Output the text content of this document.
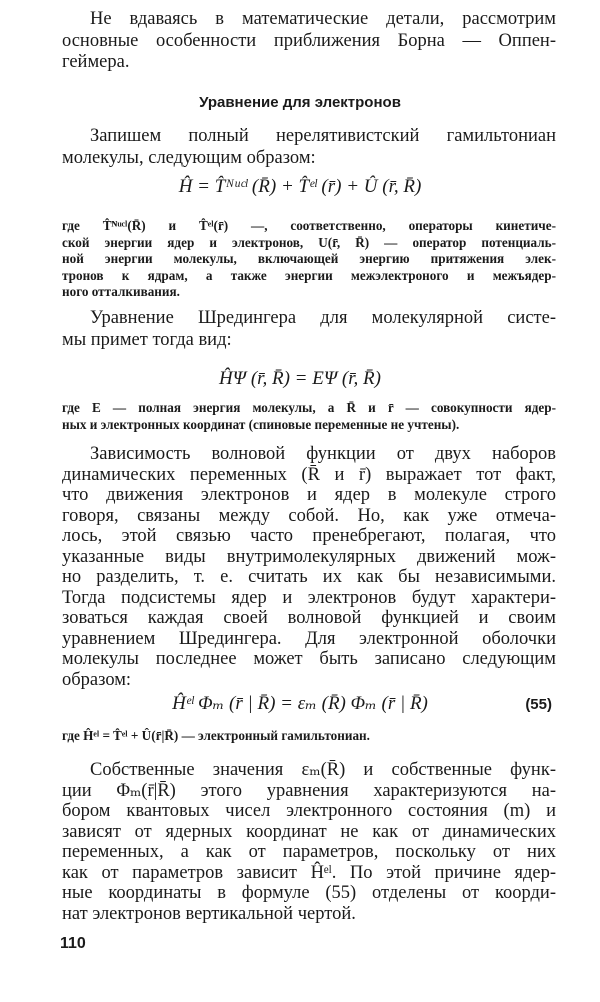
Не вдаваясь в математические детали, рассмотрим
основные особенности приближения Борна — Оппен-
геймера.
Уравнение для электронов
Запишем полный нерелятивистский гамильтониан
молекулы, следующим образом:
Ĥ = T̂ᴺᵘᶜˡ (R̄) + T̂ᵉˡ (r̄) + Û (r̄, R̄)
где T̂ᴺᵘᶜˡ(R̄) и T̂ᵉˡ(r̄) —, соответственно, операторы кинетиче-
ской энергии ядер и электронов, U(r̄, R̄) — оператор потенциаль-
ной энергии молекулы, включающей энергию притяжения элек-
тронов к ядрам, а также энергии межэлектроного и межъядер-
ного отталкивания.
Уравнение Шредингера для молекулярной систе-
мы примет тогда вид:
ĤΨ (r̄, R̄) = EΨ (r̄, R̄)
где E — полная энергия молекулы, а R̄ и r̄ — совокупности ядер-
ных и электронных координат (спиновые переменные не учтены).
Зависимость волновой функции от двух наборов
динамических переменных (R̄ и r̄) выражает тот факт,
что движения электронов и ядер в молекуле строго
говоря, связаны между собой. Но, как уже отмеча-
лось, этой связью часто пренебрегают, полагая, что
указанные виды внутримолекулярных движений мож-
но разделить, т. е. считать их как бы независимыми.
Тогда подсистемы ядер и электронов будут характери-
зоваться каждая своей волновой функцией и своим
уравнением Шредингера. Для электронной оболочки
молекулы последнее может быть записано следующим
образом:
Ĥᵉˡ Φₘ (r̄ | R̄) = εₘ (R̄) Φₘ (r̄ | R̄)	(55)
где Ĥᵉˡ = T̂ᵉˡ + Û(r̄|R̄) — электронный гамильтониан.
Собственные значения εₘ(R̄) и собственные функ-
ции Φₘ(r̄|R̄) этого уравнения характеризуются на-
бором квантовых чисел электронного состояния (m) и
зависят от ядерных координат не как от динамических
переменных, а как от параметров, поскольку от них
как от параметров зависит Ĥᵉˡ. По этой причине ядер-
ные координаты в формуле (55) отделены от коорди-
нат электронов вертикальной чертой.
110
